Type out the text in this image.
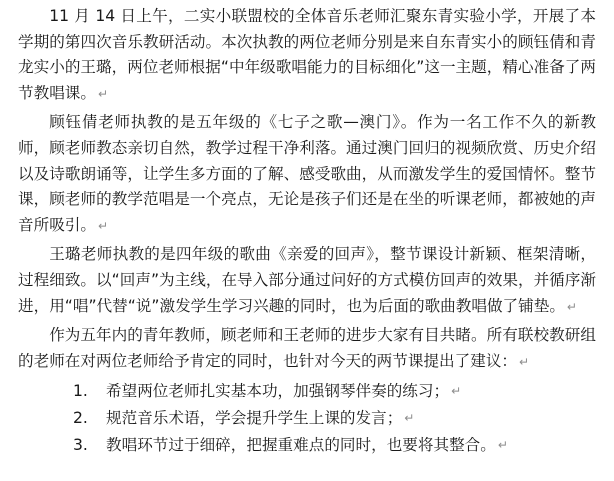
11 月 14 日上午，二实小联盟校的全体音乐老师汇聚东青实验小学，开展了本学期的第四次音乐教研活动。本次执教的两位老师分别是来自东青实小的顾钰倩和青龙实小的王璐，两位老师根据“中年级歌唱能力的目标细化”这一主题，精心准备了两节教唱课。 ↵

顾钰倩老师执教的是五年级的《七子之歌—澳门》。作为一名工作不久的新教师，顾老师教态亲切自然，教学过程干净利落。通过澳门回归的视频欣赏、历史介绍以及诗歌朗诵等，让学生多方面的了解、感受歌曲，从而激发学生的爱国情怀。整节课，顾老师的教学范唱是一个亮点，无论是孩子们还是在坐的听课老师，都被她的声音所吸引。 ↵

王璐老师执教的是四年级的歌曲《亲爱的回声》，整节课设计新颖、框架清晰，过程细致。以“回声”为主线，在导入部分通过问好的方式模仿回声的效果，并循序渐进，用“唱”代替“说”激发学生学习兴趣的同时，也为后面的歌曲教唱做了铺垫。 ↵

作为五年内的青年教师，顾老师和王老师的进步大家有目共睹。所有联校教研组的老师在对两位老师给予肯定的同时，也针对今天的两节课提出了建议： ↵

1.	希望两位老师扎实基本功，加强钢琴伴奏的练习； ↵
2.	规范音乐术语，学会提升学生上课的发言； ↵
3.	教唱环节过于细碎，把握重难点的同时，也要将其整合。 ↵
